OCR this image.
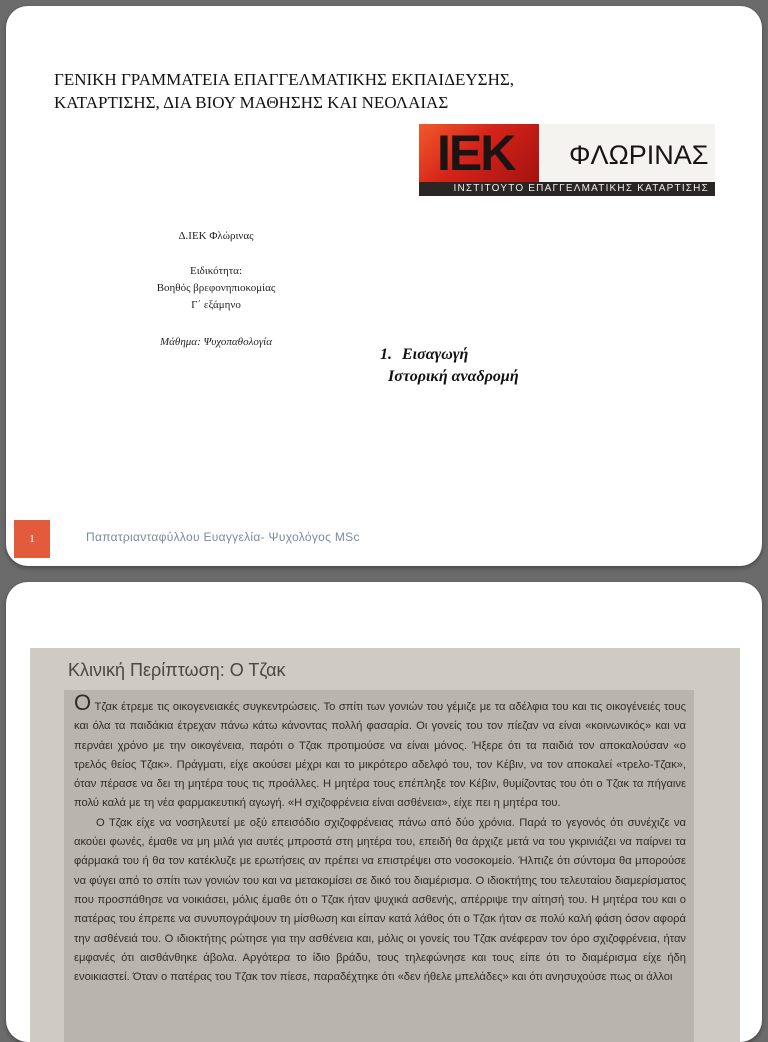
ΓΕΝΙΚΗ ΓΡΑΜΜΑΤΕΙΑ ΕΠΑΓΓΕΛΜΑΤΙΚΗΣ ΕΚΠΑΙΔΕΥΣΗΣ,
ΚΑΤΑΡΤΙΣΗΣ, ΔΙΑ ΒΙΟΥ ΜΑΘΗΣΗΣ ΚΑΙ ΝΕΟΛΑΙΑΣ
ΙΕΚ ΦΛΩΡΙΝΑΣ
ΙΝΣΤΙΤΟΥΤΟ ΕΠΑΓΓΕΛΜΑΤΙΚΗΣ ΚΑΤΑΡΤΙΣΗΣ
Δ.ΙΕΚ Φλώρινας
Ειδικότητα:
Βοηθός βρεφονηπιοκομίας
Γ΄ εξάμηνο
Μάθημα: Ψυχοπαθολογία
1. Εισαγωγή
Ιστορική αναδρομή
1	Παπατριανταφύλλου Ευαγγελία- Ψυχολόγος MSc
Κλινική Περίπτωση: Ο Τζακ

Ο Τζακ έτρεμε τις οικογενειακές συγκεντρώσεις. Το σπίτι των γονιών του γέμιζε με τα αδέλφια του και τις οικογένειές τους και όλα τα παιδάκια έτρεχαν πάνω κάτω κάνοντας πολλή φασαρία. Οι γονείς του τον πίεζαν να είναι «κοινωνικός» και να περνάει χρόνο με την οικογένεια, παρότι ο Τζακ προτιμούσε να είναι μόνος. Ήξερε ότι τα παιδιά τον αποκαλούσαν «ο τρελός θείος Τζακ». Πράγματι, είχε ακούσει μέχρι και το μικρότερο αδελφό του, τον Κέβιν, να τον αποκαλεί «τρελο-Τζακ», όταν πέρασε να δει τη μητέρα τους τις προάλλες. Η μητέρα τους επέπληξε τον Κέβιν, θυμίζοντας του ότι ο Τζακ τα πήγαινε πολύ καλά με τη νέα φαρμακευτική αγωγή. «Η σχιζοφρένεια είναι ασθένεια», είχε πει η μητέρα του.

Ο Τζακ είχε να νοσηλευτεί με οξύ επεισόδιο σχιζοφρένειας πάνω από δύο χρόνια. Παρά το γεγονός ότι συνέχιζε να ακούει φωνές, έμαθε να μη μιλά για αυτές μπροστά στη μητέρα του, επειδή θα άρχιζε μετά να του γκρινιάζει να παίρνει τα φάρμακά του ή θα τον κατέκλυζε με ερωτήσεις αν πρέπει να επιστρέψει στο νοσοκομείο. Ήλπιζε ότι σύντομα θα μπορούσε να φύγει από το σπίτι των γονιών του και να μετακομίσει σε δικό του διαμέρισμα. Ο ιδιοκτήτης του τελευταίου διαμερίσματος που προσπάθησε να νοικιάσει, μόλις έμαθε ότι ο Τζακ ήταν ψυχικά ασθενής, απέρριψε την αίτησή του. Η μητέρα του και ο πατέρας του έπρεπε να συνυπογράψουν τη μίσθωση και είπαν κατά λάθος ότι ο Τζακ ήταν σε πολύ καλή φάση όσον αφορά την ασθένειά του. Ο ιδιοκτήτης ρώτησε για την ασθένεια και, μόλις οι γονείς του Τζακ ανέφεραν τον όρο σχιζοφρένεια, ήταν εμφανές ότι αισθάνθηκε άβολα. Αργότερα το ίδιο βράδυ, τους τηλεφώνησε και τους είπε ότι το διαμέρισμα είχε ήδη ενοικιαστεί. Όταν ο πατέρας του Τζακ τον πίεσε, παραδέχτηκε ότι «δεν ήθελε μπελάδες» και ότι ανησυχούσε πως οι άλλοι
